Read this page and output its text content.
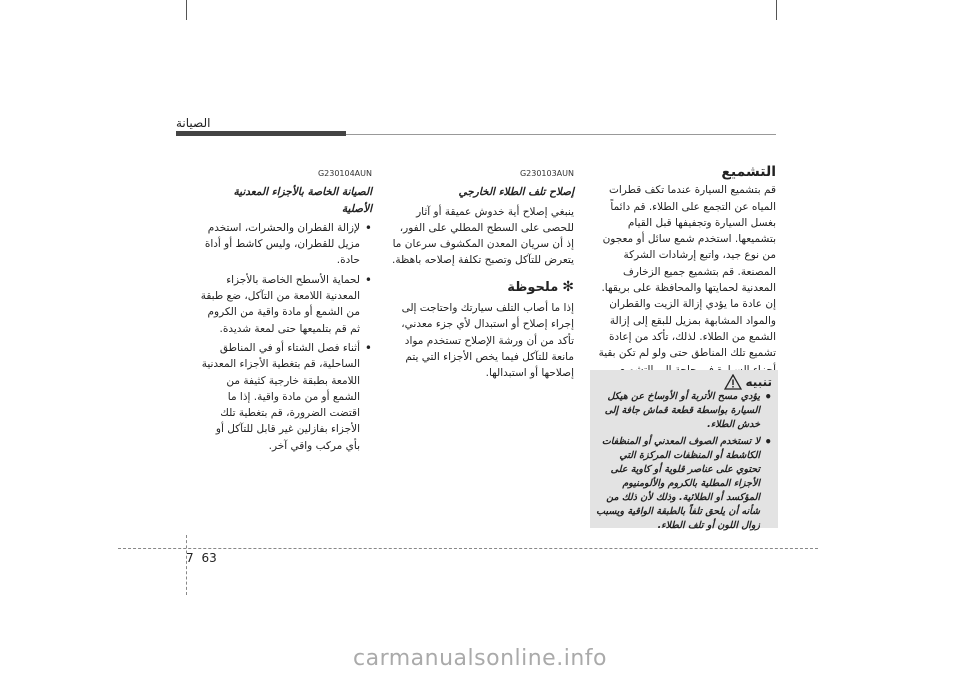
الصيانة
G230104AUN
الصيانة الخاصة بالأجزاء المعدنية الأصلية
• لإزالة القطران والحشرات، استخدم مزيل للقطران، وليس كاشط أو أداة حادة.
• لحماية الأسطح الخاصة بالأجزاء المعدنية اللامعة من التآكل، ضع طبقة من الشمع أو مادة واقية من الكروم ثم قم بتلميعها حتى لمعة شديدة.
• أثناء فصل الشتاء أو في المناطق الساحلية، قم بتغطية الأجزاء المعدنية اللامعة بطبقة خارجية كثيفة من الشمع أو من مادة واقية. إذا ما اقتضت الضرورة، قم بتغطية تلك الأجزاء بفازلين غير قابل للتآكل أو بأي مركب واقي آخر.
G230103AUN
إصلاح تلف الطلاء الخارجي
ينبغي إصلاح أية خدوش عميقة أو آثار للحصى على السطح المطلي على الفور، إذ أن سريان المعدن المكشوف سرعان ما يتعرض للتآكل وتصبح تكلفة إصلاحه باهظة.
✻ملحوظة
إذا ما أصاب التلف سيارتك واحتاجت إلى إجراء إصلاح أو استبدال لأي جزء معدني، تأكد من أن ورشة الإصلاح تستخدم مواد مانعة للتآكل فيما يخص الأجزاء التي يتم إصلاحها أو استبدالها.
التشميع
قم بتشميع السيارة عندما تكف قطرات المياه عن التجمع على الطلاء. قم دائماً بغسل السيارة وتجفيفها قبل القيام بتشميعها. استخدم شمع سائل أو معجون من نوع جيد، واتبع إرشادات الشركة المصنعة. قم بتشميع جميع الزخارف المعدنية لحمايتها والمحافظة على بريقها. إن عادة ما يؤدي إزالة الزيت والقطران والمواد المشابهة بمزيل للبقع إلى إزالة الشمع من الطلاء. لذلك، تأكد من إعادة تشميع تلك المناطق حتى ولو لم تكن بقية
تنبيه
• يؤدي مسح الأتربة أو الأوساخ عن هيكل السيارة بواسطة قطعة قماش جافة إلى خدش الطلاء.
• لا تستخدم الصوف المعدني أو المنظفات الكاشطة أو المنظفات المركزة التي تحتوي على عناصر قلوية أو كاوية على الأجزاء المطلية بالكروم والألومنيوم المؤكسد أو الطلائية. وذلك لأن ذلك من شأنه أن يلحق تلفاً بالطبقة الواقية ويسبب زوال اللون أو تلف الطلاء.
7 63
carmanualsonline.info
